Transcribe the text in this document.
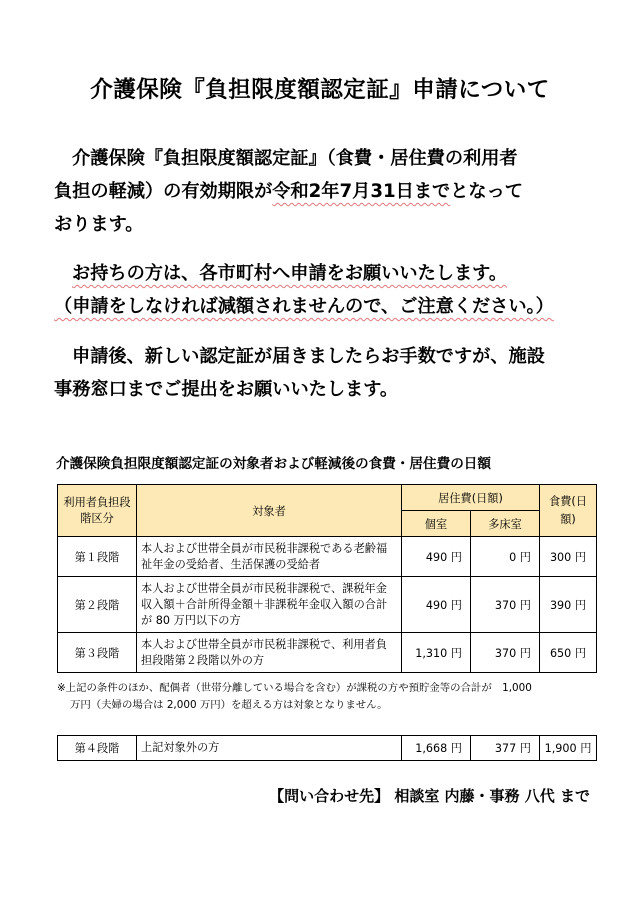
介護保険『負担限度額認定証』申請について
介護保険『負担限度額認定証』（食費・居住費の利用者
負担の軽減）の有効期限が令和2年7月31日までとなって
おります。
お持ちの方は、各市町村へ申請をお願いいたします。
（申請をしなければ減額されませんので、ご注意ください。）
申請後、新しい認定証が届きましたらお手数ですが、施設
事務窓口までご提出をお願いいたします。
介護保険負担限度額認定証の対象者および軽減後の食費・居住費の日額
利用者負担段階区分	対象者	居住費(日額)		食費(日額)

		個室	多床室	
第１段階	本人および世帯全員が市民税非課税である老齢福祉年金の受給者、生活保護の受給者	490 円	0 円	300 円
第２段階	本人および世帯全員が市民税非課税で、課税年金収入額＋合計所得金額＋非課税年金収入額の合計が 80 万円以下の方	490 円	370 円	390 円
第３段階	本人および世帯全員が市民税非課税で、利用者負担段階第２段階以外の方	1,310 円	370 円	650 円
※上記の条件のほか、配偶者（世帯分離している場合を含む）が課税の方や預貯金等の合計が　1,000
万円（夫婦の場合は 2,000 万円）を超える方は対象となりません。
第４段階	上記対象外の方	1,668 円	377 円	1,900 円
【問い合わせ先】 相談室 内藤・事務 八代 まで
